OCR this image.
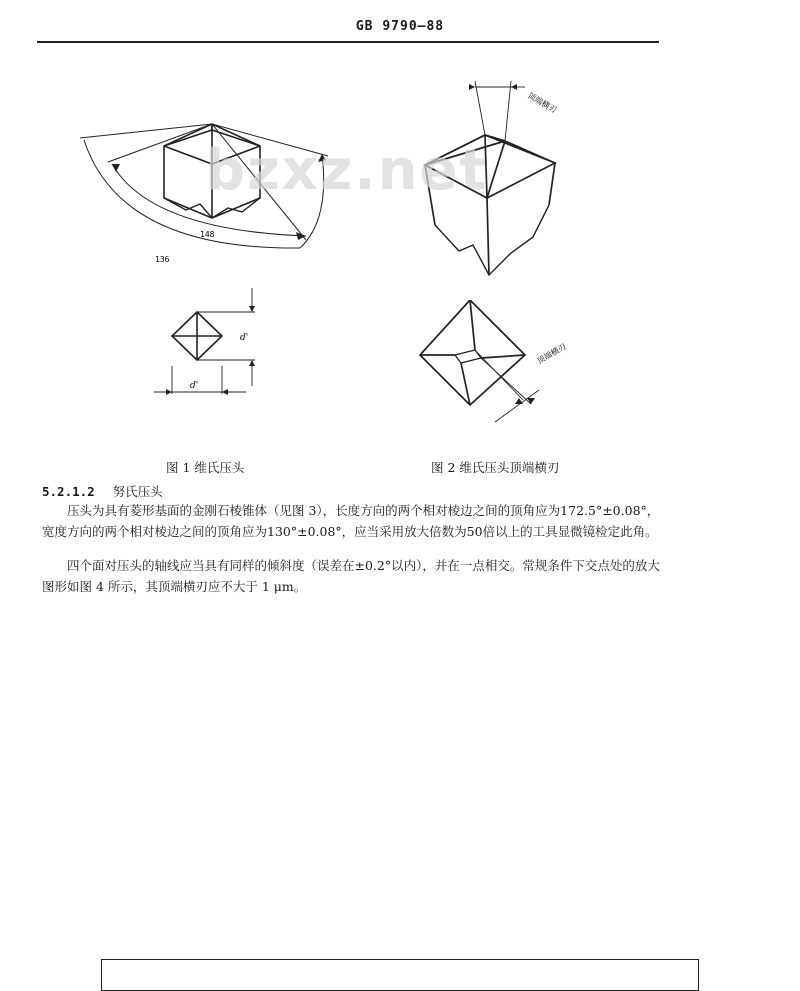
GB 9790—88
148
136
d'
d'
顶端横刃
顶端横刃
bzxz.net
图 1 维氏压头	图 2 维氏压头顶端横刃
5.2.1.2 努氏压头
压头为具有菱形基面的金刚石棱锥体（见图 3），长度方向的两个相对棱边之间的顶角应为172.5°±0.08°，宽度方向的两个相对棱边之间的顶角应为130°±0.08°，应当采用放大倍数为50倍以上的工具显微镜检定此角。
四个面对压头的轴线应当具有同样的倾斜度（误差在±0.2°以内），并在一点相交。常规条件下交点处的放大图形如图 4 所示，其顶端横刃应不大于 1 μm。
